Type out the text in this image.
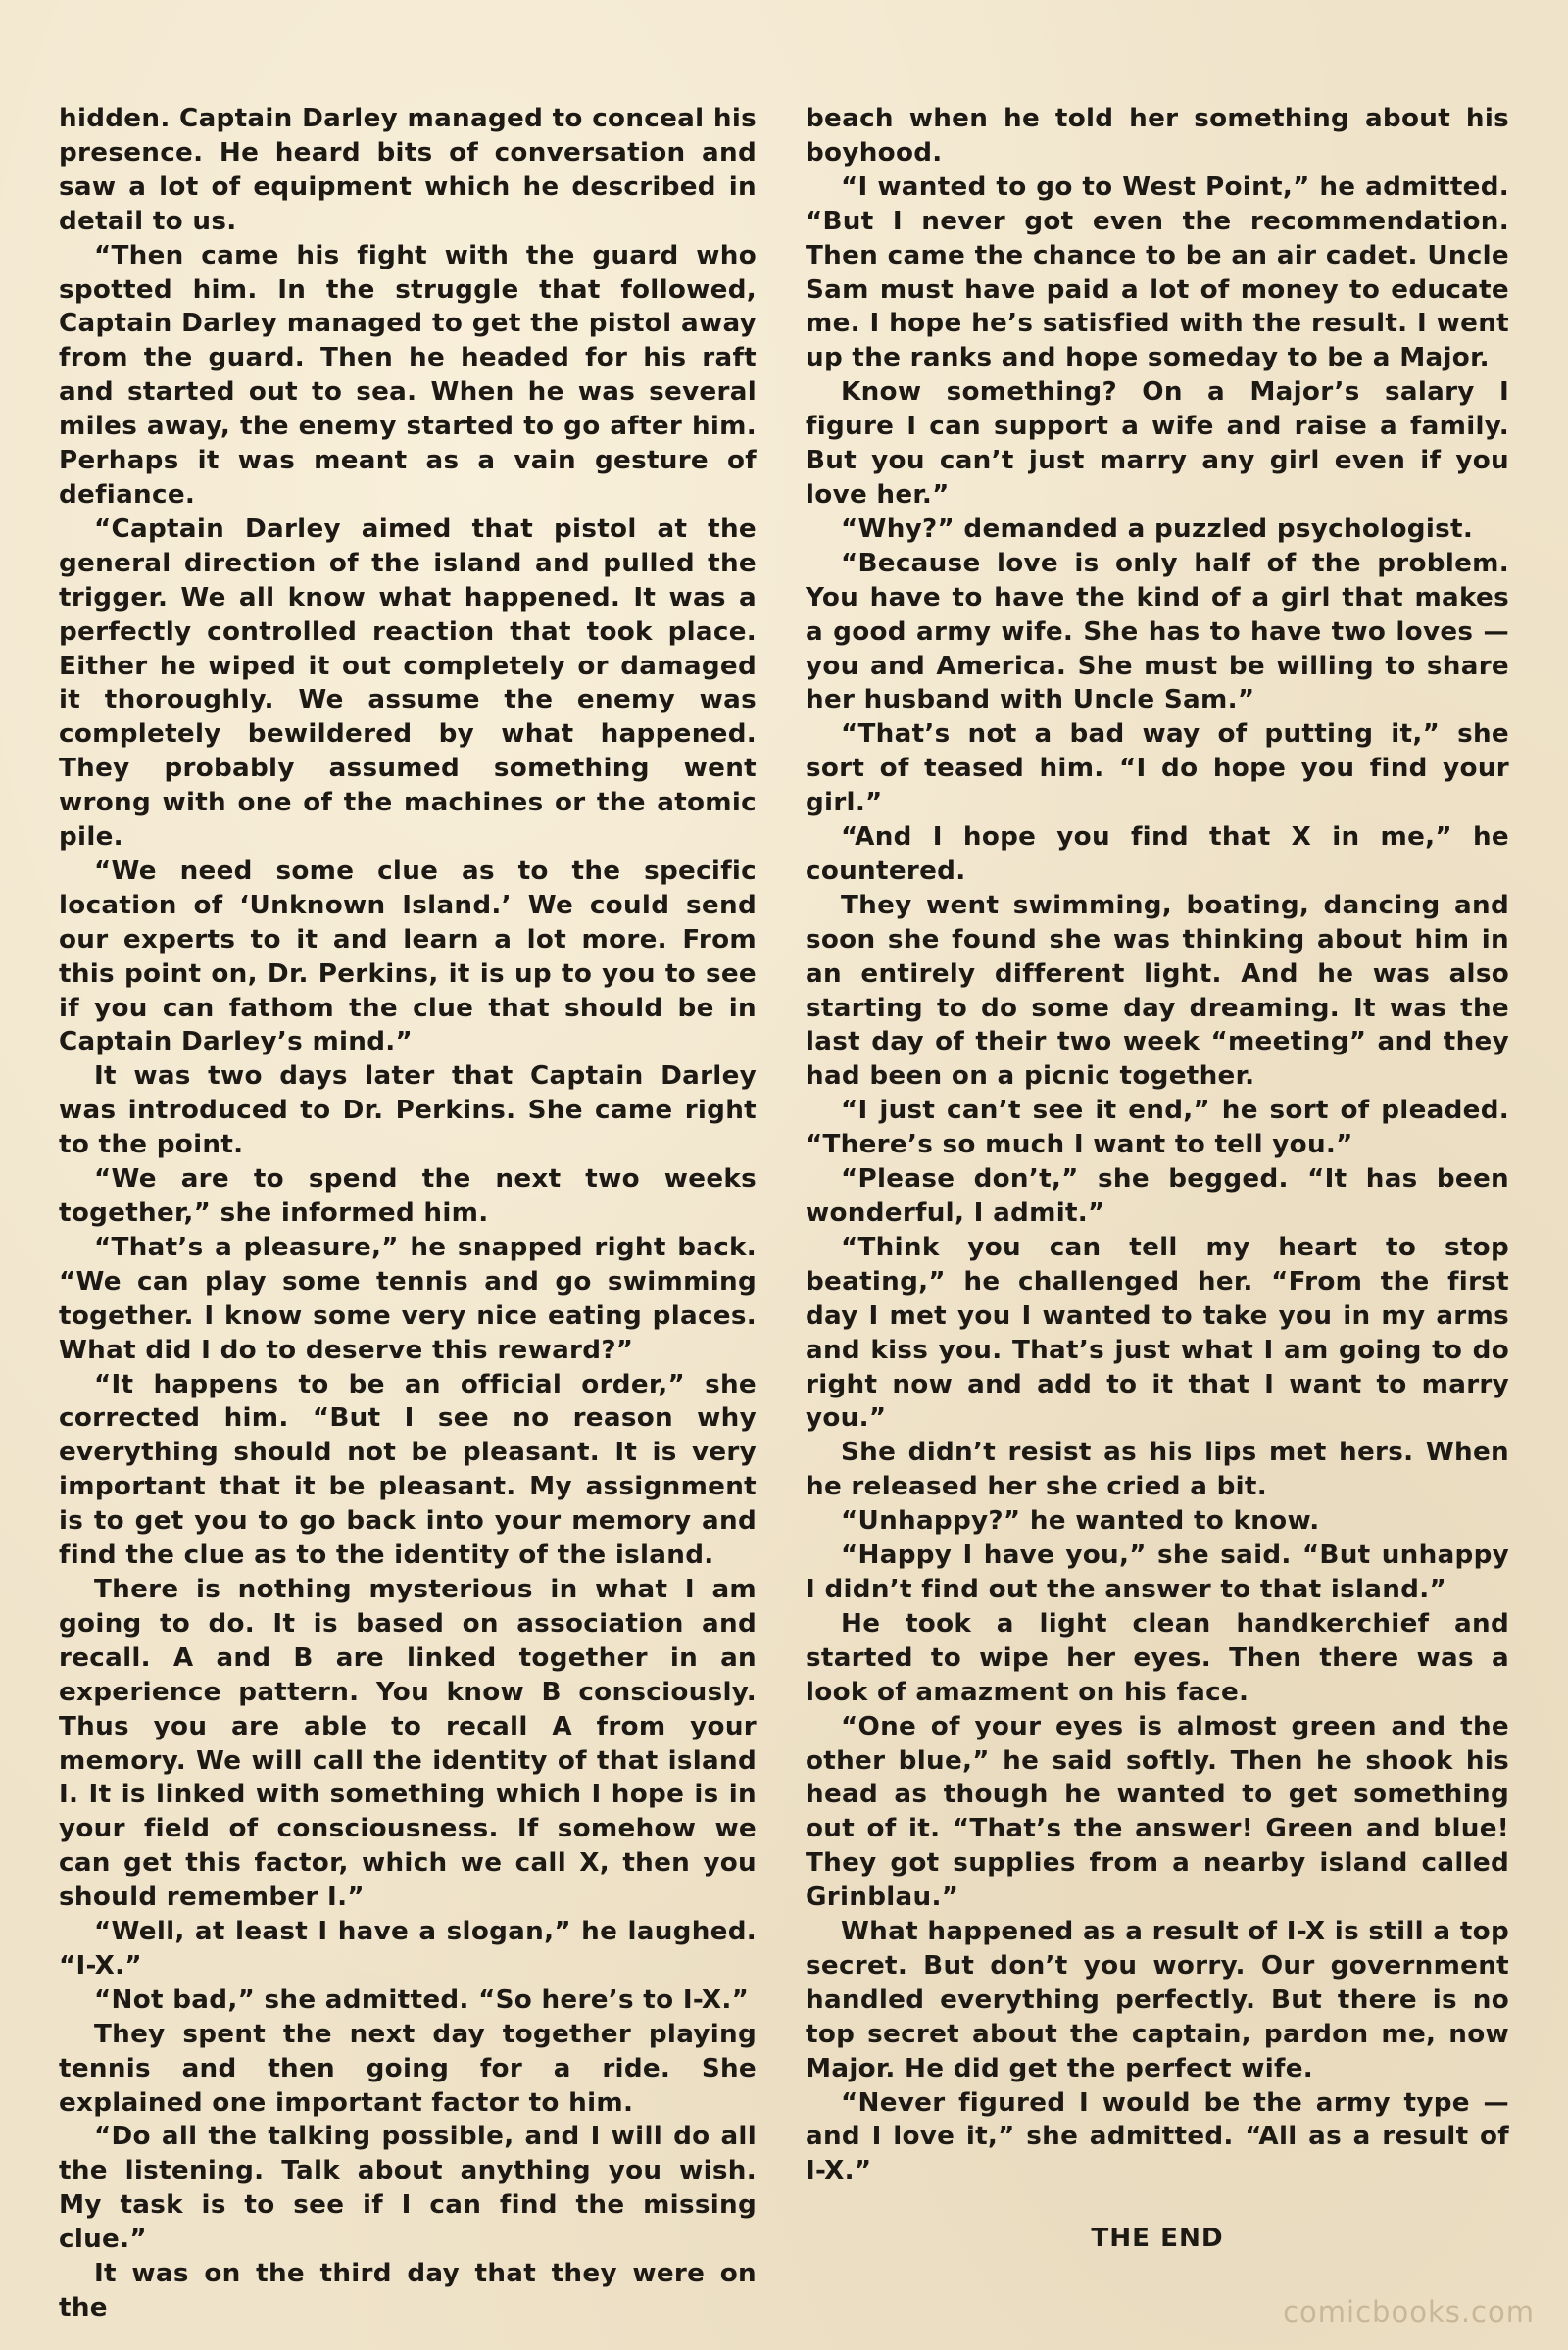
hidden. Captain Darley managed to conceal his presence. He heard bits of conversation and saw a lot of equipment which he described in detail to us.

“Then came his fight with the guard who spotted him. In the struggle that followed, Captain Darley managed to get the pistol away from the guard. Then he headed for his raft and started out to sea. When he was several miles away, the enemy started to go after him. Perhaps it was meant as a vain gesture of defiance.

“Captain Darley aimed that pistol at the general direction of the island and pulled the trigger. We all know what happened. It was a perfectly controlled reaction that took place. Either he wiped it out completely or damaged it thoroughly. We assume the enemy was completely bewildered by what happened. They probably assumed something went wrong with one of the machines or the atomic pile.

“We need some clue as to the specific location of ‘Unknown Island.’ We could send our experts to it and learn a lot more. From this point on, Dr. Perkins, it is up to you to see if you can fathom the clue that should be in Captain Darley’s mind.”

It was two days later that Captain Darley was introduced to Dr. Perkins. She came right to the point.

“We are to spend the next two weeks together,” she informed him.

“That’s a pleasure,” he snapped right back. “We can play some tennis and go swimming together. I know some very nice eating places. What did I do to deserve this reward?”

“It happens to be an official order,” she corrected him. “But I see no reason why everything should not be pleasant. It is very important that it be pleasant. My assignment is to get you to go back into your memory and find the clue as to the identity of the island.

There is nothing mysterious in what I am going to do. It is based on association and recall. A and B are linked together in an experience pattern. You know B consciously. Thus you are able to recall A from your memory. We will call the identity of that island I. It is linked with something which I hope is in your field of consciousness. If somehow we can get this factor, which we call X, then you should remember I.”

“Well, at least I have a slogan,” he laughed. “I-X.”

“Not bad,” she admitted. “So here’s to I-X.”

They spent the next day together playing tennis and then going for a ride. She explained one important factor to him.

“Do all the talking possible, and I will do all the listening. Talk about anything you wish. My task is to see if I can find the missing clue.”

It was on the third day that they were on the

beach when he told her something about his boyhood.

“I wanted to go to West Point,” he admitted. “But I never got even the recommendation. Then came the chance to be an air cadet. Uncle Sam must have paid a lot of money to educate me. I hope he’s satisfied with the result. I went up the ranks and hope someday to be a Major.

Know something? On a Major’s salary I figure I can support a wife and raise a family. But you can’t just marry any girl even if you love her.”

“Why?” demanded a puzzled psychologist.

“Because love is only half of the problem. You have to have the kind of a girl that makes a good army wife. She has to have two loves — you and America. She must be willing to share her husband with Uncle Sam.”

“That’s not a bad way of putting it,” she sort of teased him. “I do hope you find your girl.”

“And I hope you find that X in me,” he countered.

They went swimming, boating, dancing and soon she found she was thinking about him in an entirely different light. And he was also starting to do some day dreaming. It was the last day of their two week “meeting” and they had been on a picnic together.

“I just can’t see it end,” he sort of pleaded. “There’s so much I want to tell you.”

“Please don’t,” she begged. “It has been wonderful, I admit.”

“Think you can tell my heart to stop beating,” he challenged her. “From the first day I met you I wanted to take you in my arms and kiss you. That’s just what I am going to do right now and add to it that I want to marry you.”

She didn’t resist as his lips met hers. When he released her she cried a bit.

“Unhappy?” he wanted to know.

“Happy I have you,” she said. “But unhappy I didn’t find out the answer to that island.”

He took a light clean handkerchief and started to wipe her eyes. Then there was a look of amazment on his face.

“One of your eyes is almost green and the other blue,” he said softly. Then he shook his head as though he wanted to get something out of it. “That’s the answer! Green and blue! They got supplies from a nearby island called Grinblau.”

What happened as a result of I-X is still a top secret. But don’t you worry. Our government handled everything perfectly. But there is no top secret about the captain, pardon me, now Major. He did get the perfect wife.

“Never figured I would be the army type — and I love it,” she admitted. “All as a result of I-X.”

THE END

comicbooks.com
